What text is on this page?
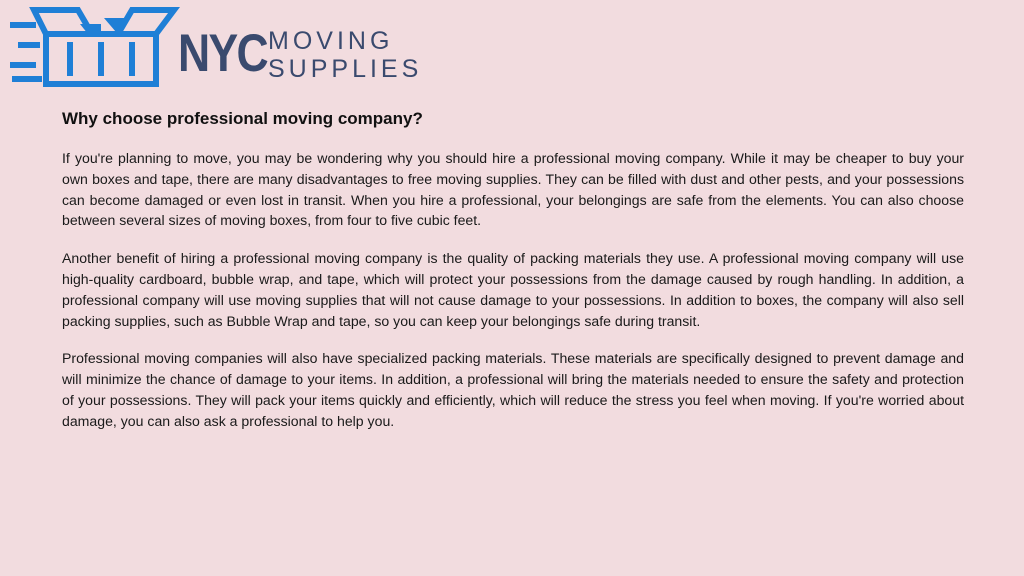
NYC MOVING
SUPPLIES
Why choose professional moving company?

If you're planning to move, you may be wondering why you should hire a professional moving company. While it may be cheaper to buy your own boxes and tape, there are many disadvantages to free moving supplies. They can be filled with dust and other pests, and your possessions can become damaged or even lost in transit. When you hire a professional, your belongings are safe from the elements. You can also choose between several sizes of moving boxes, from four to five cubic feet.

Another benefit of hiring a professional moving company is the quality of packing materials they use. A professional moving company will use high-quality cardboard, bubble wrap, and tape, which will protect your possessions from the damage caused by rough handling. In addition, a professional company will use moving supplies that will not cause damage to your possessions. In addition to boxes, the company will also sell packing supplies, such as Bubble Wrap and tape, so you can keep your belongings safe during transit.

Professional moving companies will also have specialized packing materials. These materials are specifically designed to prevent damage and will minimize the chance of damage to your items. In addition, a professional will bring the materials needed to ensure the safety and protection of your possessions. They will pack your items quickly and efficiently, which will reduce the stress you feel when moving. If you're worried about damage, you can also ask a professional to help you.
